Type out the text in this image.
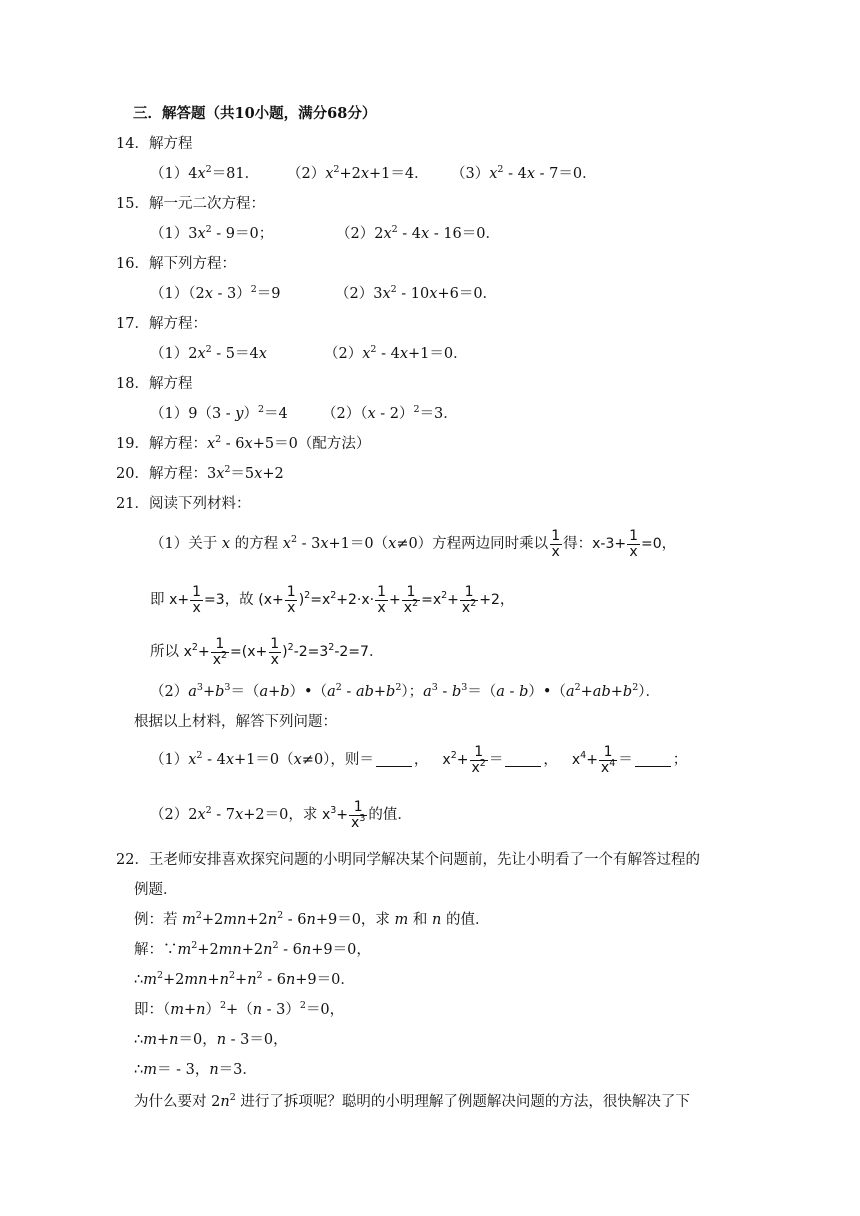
三．解答题（共10小题，满分68分）
14．解方程
$(1)4x^2=81$． $(2)x^2+2x+1=4$． $(3)x^2 - 4x - 7=0$．
15．解一元二次方程：
$(1)3x^2 - 9=0$；	$(2)2x^2 - 4x - 16=0$．
16．解下列方程：
（1）（2x - 3）$^2$＝9	$(2)3x^2 - 10x+6=0$．
17．解方程：
$(1)2x^2 - 5=4x$	$(2)x^2 - 4x+1=0$．
18．解方程
（1）9（3 - y）$^2$＝4 （2）（x - 2）$^2$＝3．
19．解方程：$x^2 - 6x+5=0$（配方法）
20．解方程：$3x^2=5x+2$
21．阅读下列材料：
（1）关于 x 的方程 $x^2 - 3x+1=0(x\ne 0)$方程两边同时乘以 $\frac{1}{x}$ 得：$x-3+ \frac{1}{x} =0$，
即 $x+ \frac{1}{x} =3$，故 $(x+ \frac{1}{x} )^2=x^2+2\cdot x\cdot \frac{1}{x} + \frac{1}{x^2} =x^2+ \frac{1}{x^2} +2$，
所以 $x^2+ \frac{1}{x^2} =(x+ \frac{1}{x} )^2-2=3^2-2=7$．
$(2)a^3+b^3=(a+b)•(a^2 - ab+b^2)$；$a^3 - b^3=(a$ - $b)•(a^2+ab+b^2)$．
根据以上材料，解答下列问题：
$(1)x^2 - 4x+1=0(x\ne 0)$，则＝	， $x^2+ \frac{1}{x^2}$ ＝	， $x^4+ \frac{1}{x^4}$ ＝	；
$(2)2x^2 - 7x+2=0$，求 $x^3+ \frac{1}{x^3}$ 的值．
22．王老师安排喜欢探究问题的小明同学解决某个问题前，先让小明看了一个有解答过程的
例题．
例：若 $m^2+2mn+2n^2 - 6n+9=0$，求 m 和 n 的值．
解：$\because m^2+2mn+2n^2 - 6n+9=0$，
$\therefore m^2+2mn+n^2+n^2 - 6n+9=0$．
即：$(m+n)^2+(n - 3)^2=0$，
∴m+n＝0，n - 3＝0，
∴m＝ - 3，n＝3．
为什么要对 $2n^2$ 进行了拆项呢？聪明的小明理解了例题解决问题的方法，很快解决了下
